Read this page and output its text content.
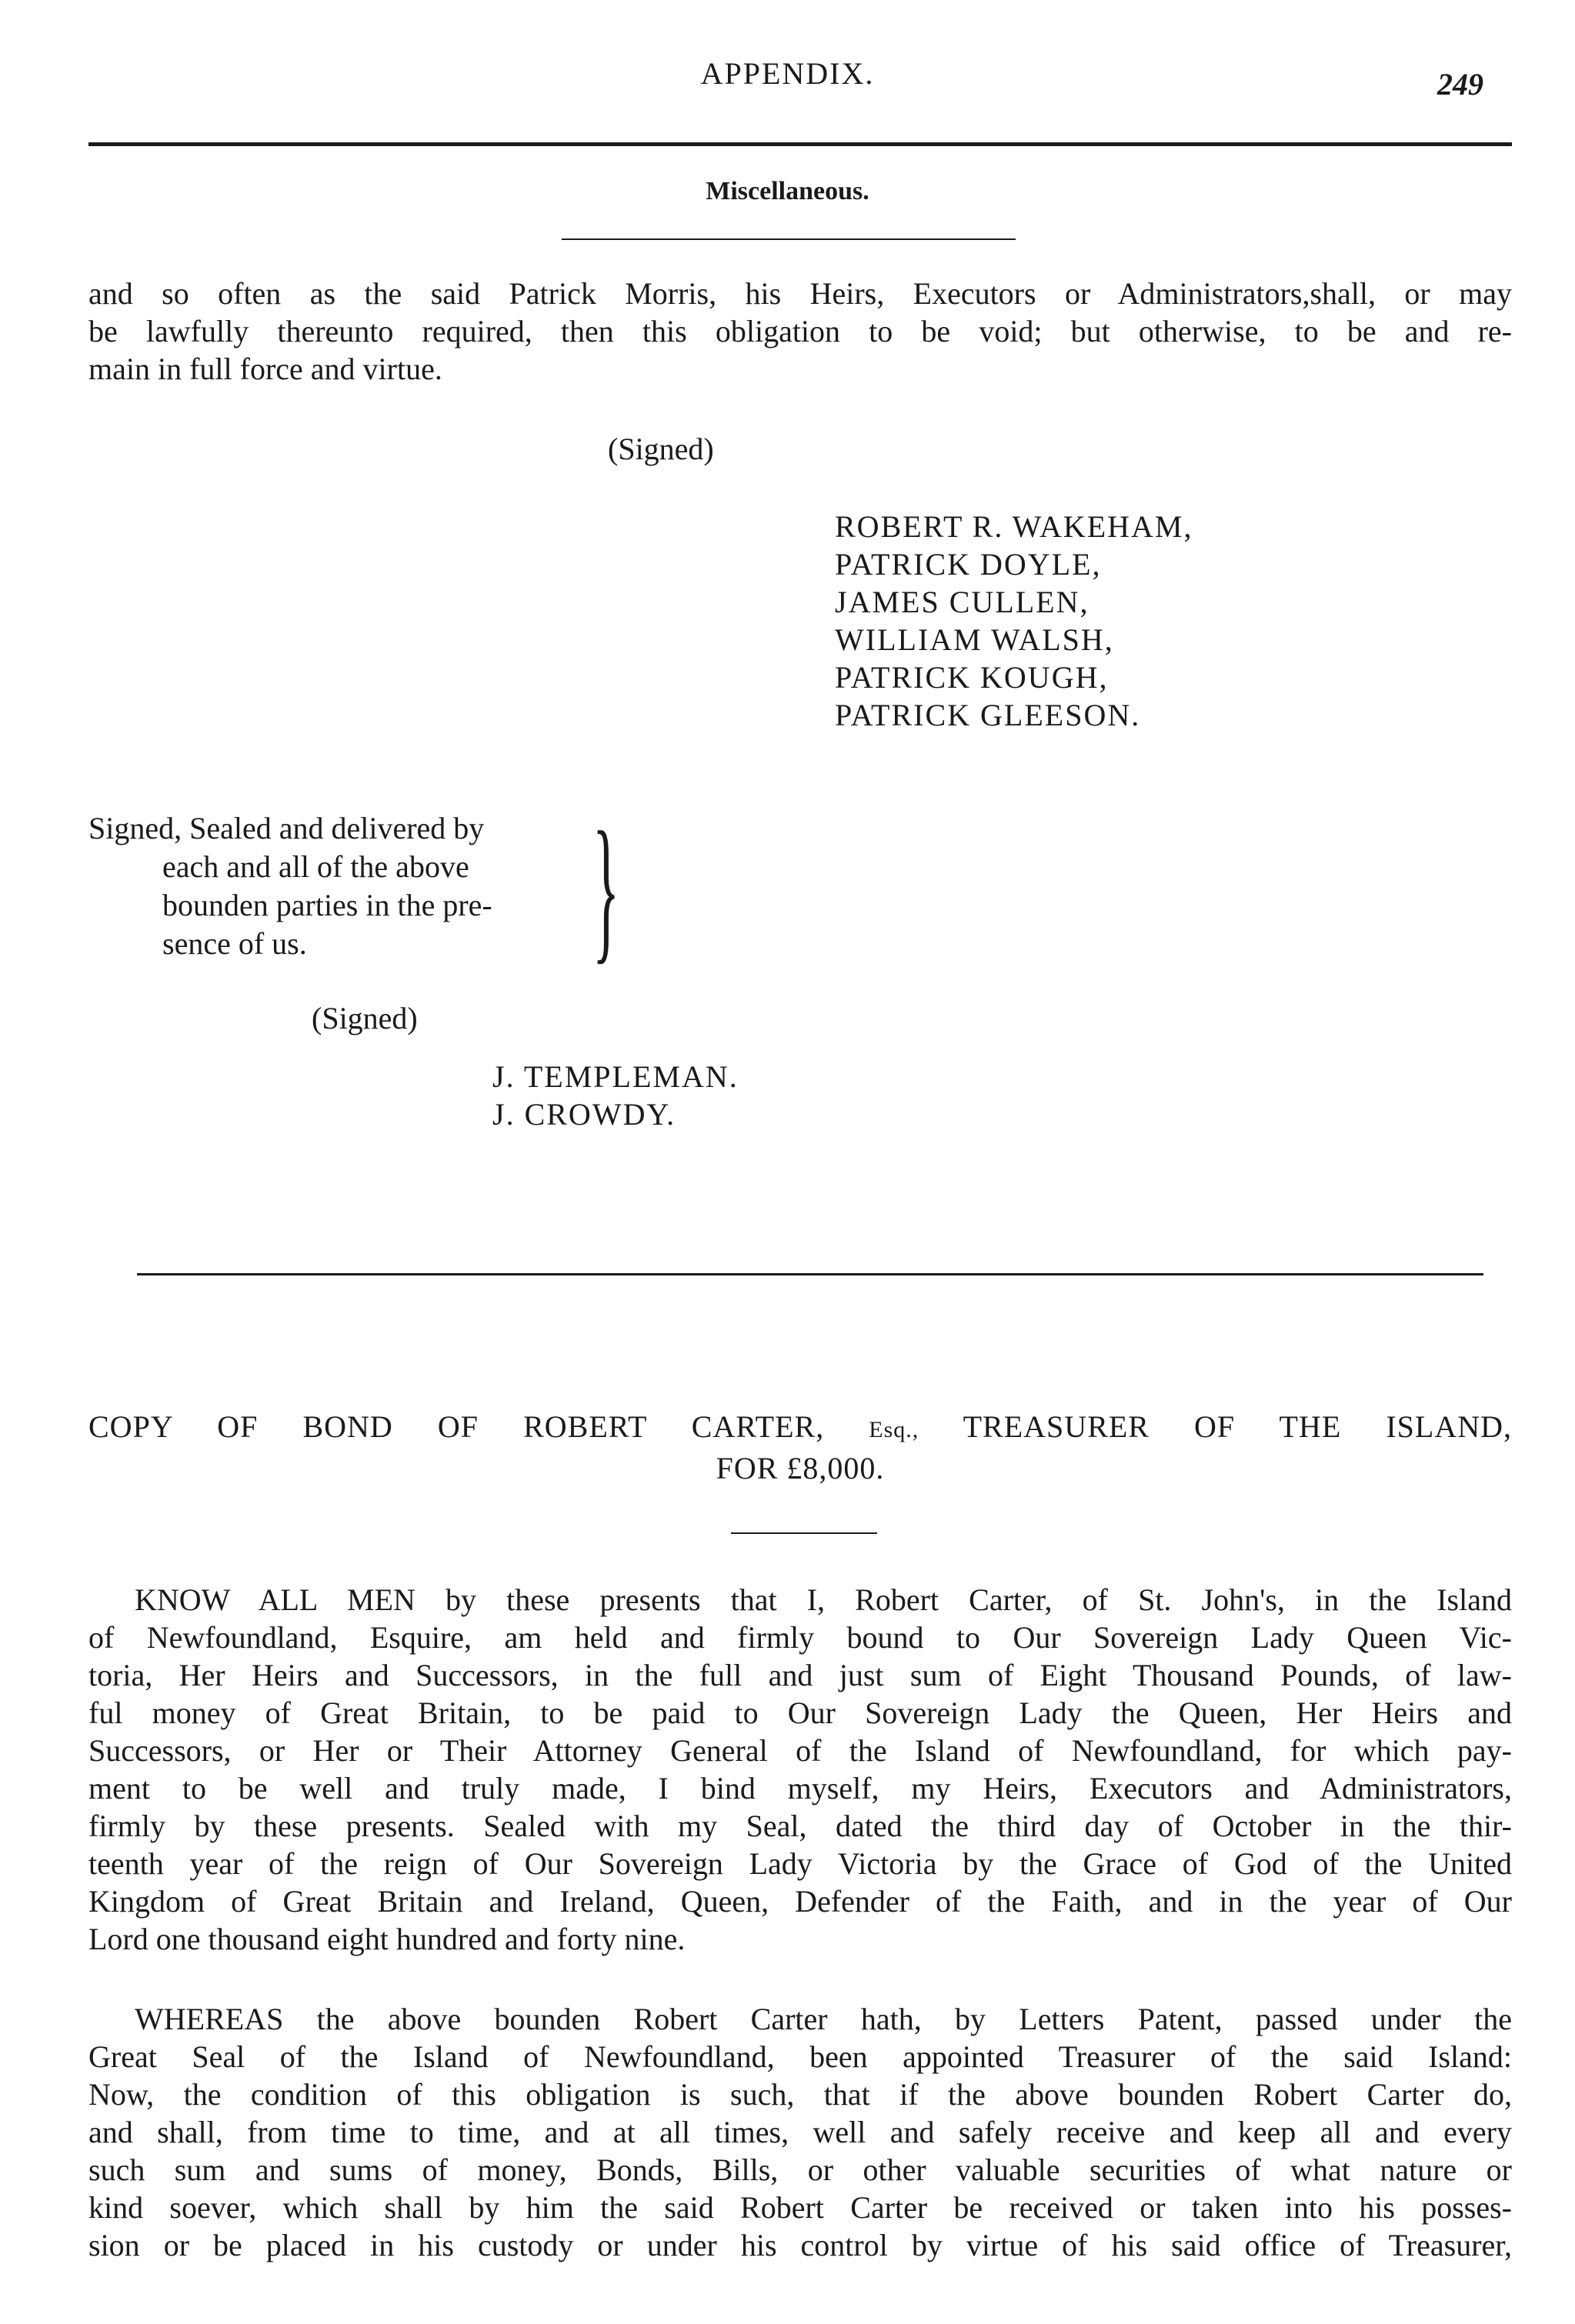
APPENDIX.	249
Miscellaneous.
and so often as the said Patrick Morris, his Heirs, Executors or Administrators,shall, or may
be lawfully thereunto required, then this obligation to be void; but otherwise, to be and re-
main in full force and virtue.
(Signed)
ROBERT R. WAKEHAM,
PATRICK DOYLE,
JAMES CULLEN,
WILLIAM WALSH,
PATRICK KOUGH,
PATRICK GLEESON.
Signed, Sealed and delivered by
each and all of the above
bounden parties in the pre-
sence of us.	}
(Signed)
J. TEMPLEMAN.
J. CROWDY.
COPY OF BOND OF ROBERT CARTER, Esq., TREASURER OF THE ISLAND,
FOR £8,000.
KNOW ALL MEN by these presents that I, Robert Carter, of St. John's, in the Island
of Newfoundland, Esquire, am held and firmly bound to Our Sovereign Lady Queen Vic-
toria, Her Heirs and Successors, in the full and just sum of Eight Thousand Pounds, of law-
ful money of Great Britain, to be paid to Our Sovereign Lady the Queen, Her Heirs and
Successors, or Her or Their Attorney General of the Island of Newfoundland, for which pay-
ment to be well and truly made, I bind myself, my Heirs, Executors and Administrators,
firmly by these presents. Sealed with my Seal, dated the third day of October in the thir-
teenth year of the reign of Our Sovereign Lady Victoria by the Grace of God of the United
Kingdom of Great Britain and Ireland, Queen, Defender of the Faith, and in the year of Our
Lord one thousand eight hundred and forty nine.
WHEREAS the above bounden Robert Carter hath, by Letters Patent, passed under the
Great Seal of the Island of Newfoundland, been appointed Treasurer of the said Island:
Now, the condition of this obligation is such, that if the above bounden Robert Carter do,
and shall, from time to time, and at all times, well and safely receive and keep all and every
such sum and sums of money, Bonds, Bills, or other valuable securities of what nature or
kind soever, which shall by him the said Robert Carter be received or taken into his posses-
sion or be placed in his custody or under his control by virtue of his said office of Treasurer,
